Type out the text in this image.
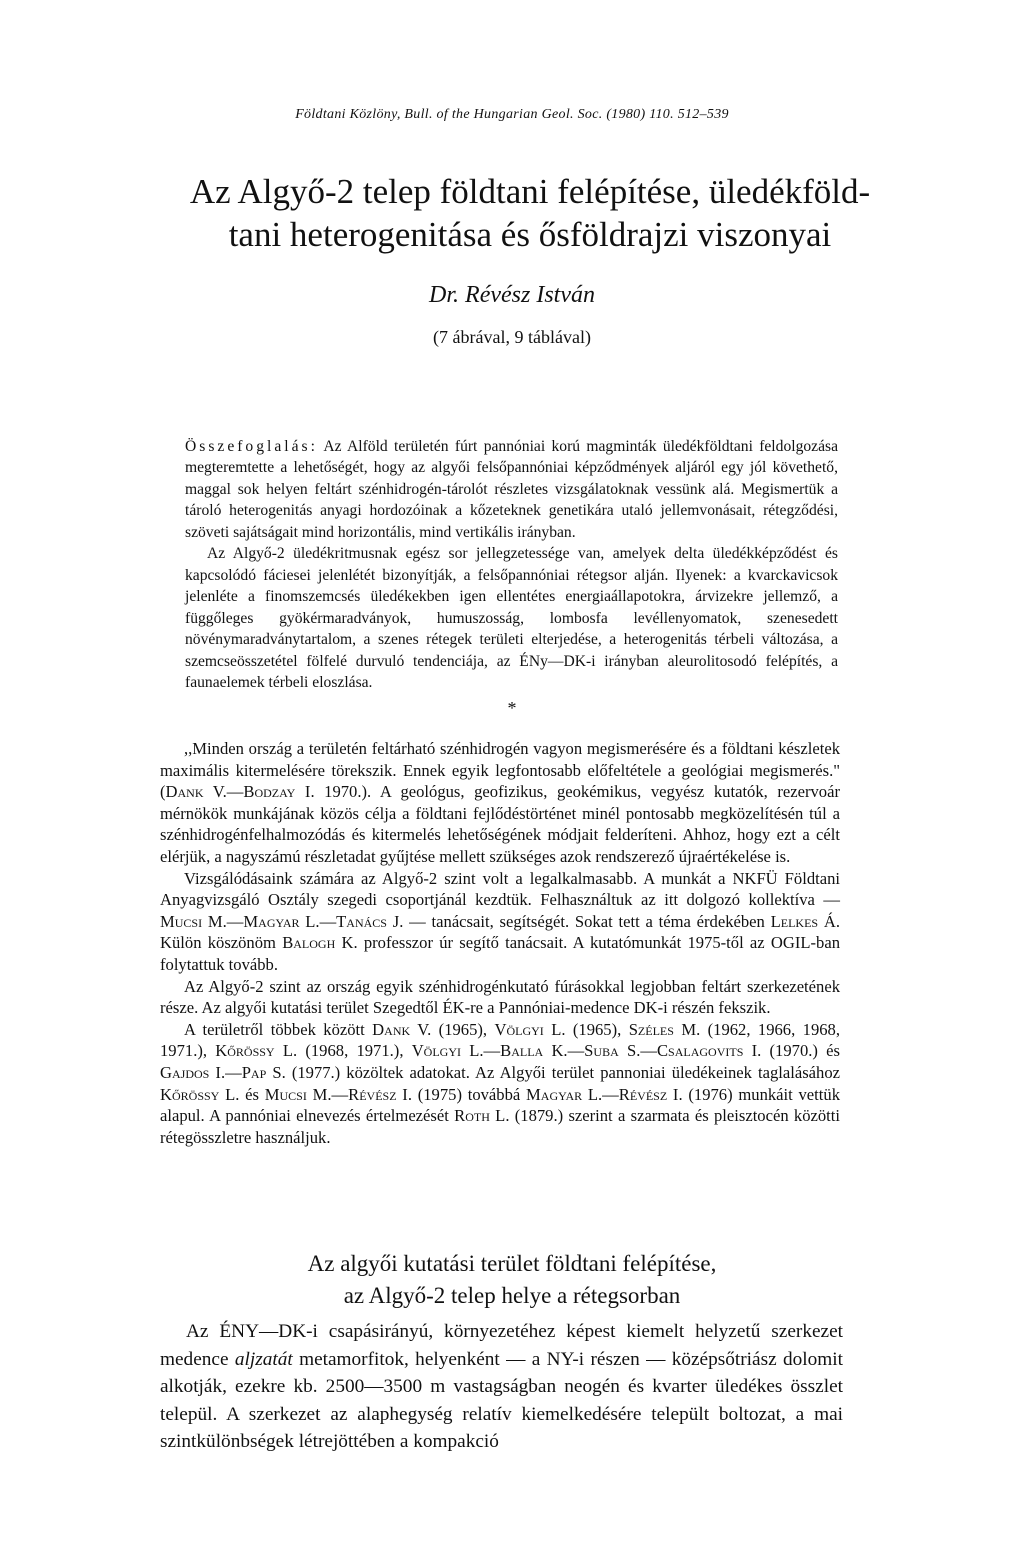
Földtani Közlöny, Bull. of the Hungarian Geol. Soc. (1980) 110. 512–539
Az Algyő-2 telep földtani felépítése, üledékföld-
tani heterogenitása és ősföldrajzi viszonyai
Dr. Révész István
(7 ábrával, 9 táblával)

Összefoglalás: Az Alföld területén fúrt pannóniai korú magminták üledékföldtani feldolgozása megteremtette a lehetőségét, hogy az algyői felsőpannóniai képződmények aljáról egy jól követhető, maggal sok helyen feltárt szénhidrogén-tárolót részletes vizsgálatoknak vessünk alá. Megismertük a tároló heterogenitás anyagi hordozóinak a kőzeteknek genetikára utaló jellemvonásait, rétegződési, szöveti sajátságait mind horizontális, mind vertikális irányban.

Az Algyő-2 üledékritmusnak egész sor jellegzetessége van, amelyek delta üledékképződést és kapcsolódó fáciesei jelenlétét bizonyítják, a felsőpannóniai rétegsor alján. Ilyenek: a kvarckavicsok jelenléte a finomszemcsés üledékekben igen ellentétes energiaállapotokra, árvizekre jellemző, a függőleges gyökérmaradványok, humuszosság, lombosfa levéllenyomatok, szenesedett növénymaradványtartalom, a szenes rétegek területi elterjedése, a heterogenitás térbeli változása, a szemcseösszetétel fölfelé durvuló tendenciája, az ÉNy—DK-i irányban aleurolitosodó felépítés, a faunaelemek térbeli eloszlása.

*

,,Minden ország a területén feltárható szénhidrogén vagyon megismerésére és a földtani készletek maximális kitermelésére törekszik. Ennek egyik legfontosabb előfeltétele a geológiai megismerés." (Dank V.—Bodzay I. 1970.). A geológus, geofizikus, geokémikus, vegyész kutatók, rezervoár mérnökök munkájának közös célja a földtani fejlődéstörténet minél pontosabb megközelítésén túl a szénhidrogénfelhalmozódás és kitermelés lehetőségének módjait felderíteni. Ahhoz, hogy ezt a célt elérjük, a nagyszámú részletadat gyűjtése mellett szükséges azok rendszerező újraértékelése is.

Vizsgálódásaink számára az Algyő-2 szint volt a legalkalmasabb. A munkát a NKFÜ Földtani Anyagvizsgáló Osztály szegedi csoportjánál kezdtük. Felhasználtuk az itt dolgozó kollektíva — Mucsi M.—Magyar L.—Tanács J. — tanácsait, segítségét. Sokat tett a téma érdekében Lelkes Á. Külön köszönöm Balogh K. professzor úr segítő tanácsait. A kutatómunkát 1975-től az OGIL-ban folytattuk tovább.

Az Algyő-2 szint az ország egyik szénhidrogénkutató fúrásokkal legjobban feltárt szerkezetének része. Az algyői kutatási terület Szegedtől ÉK-re a Pannóniai-medence DK-i részén fekszik.

A területről többek között Dank V. (1965), Völgyi L. (1965), Széles M. (1962, 1966, 1968, 1971.), Kőrössy L. (1968, 1971.), Völgyi L.—Balla K.—Suba S.—Csalagovits I. (1970.) és Gajdos I.—Pap S. (1977.) közöltek adatokat. Az Algyői terület pannoniai üledékeinek taglalásához Kőrössy L. és Mucsi M.—Révész I. (1975) továbbá Magyar L.—Révész I. (1976) munkáit vettük alapul. A pannóniai elnevezés értelmezését Roth L. (1879.) szerint a szarmata és pleisztocén közötti rétegösszletre használjuk.

Az algyői kutatási terület földtani felépítése,
az Algyő-2 telep helye a rétegsorban

Az ÉNY—DK-i csapásirányú, környezetéhez képest kiemelt helyzetű szerkezet medence aljzatát metamorfitok, helyenként — a NY-i részen — középsőtriász dolomit alkotják, ezekre kb. 2500—3500 m vastagságban neogén és kvarter üledékes összlet települ. A szerkezet az alaphegység relatív kiemelkedésére települt boltozat, a mai szintkülönbségek létrejöttében a kompakció
